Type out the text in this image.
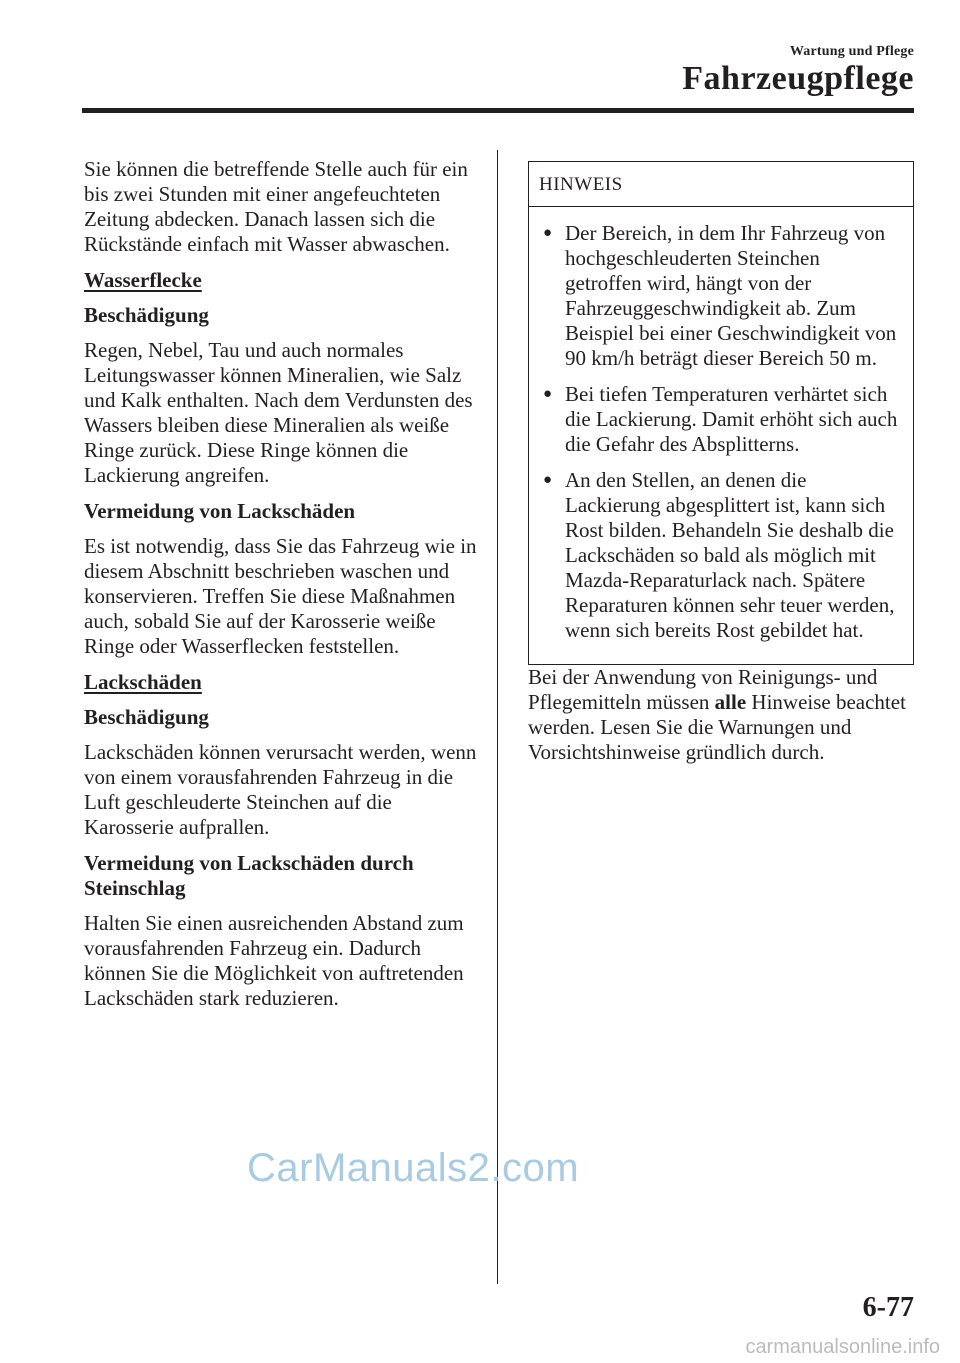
Wartung und Pflege
Fahrzeugpflege

Sie können die betreffende Stelle auch für ein bis zwei Stunden mit einer angefeuchteten Zeitung abdecken. Danach lassen sich die Rückstände einfach mit Wasser abwaschen.

Wasserflecke
Beschädigung

Regen, Nebel, Tau und auch normales Leitungswasser können Mineralien, wie Salz und Kalk enthalten. Nach dem Verdunsten des Wassers bleiben diese Mineralien als weiße Ringe zurück. Diese Ringe können die Lackierung angreifen.

Vermeidung von Lackschäden

Es ist notwendig, dass Sie das Fahrzeug wie in diesem Abschnitt beschrieben waschen und konservieren. Treffen Sie diese Maßnahmen auch, sobald Sie auf der Karosserie weiße Ringe oder Wasserflecken feststellen.

Lackschäden
Beschädigung

Lackschäden können verursacht werden, wenn von einem vorausfahrenden Fahrzeug in die Luft geschleuderte Steinchen auf die Karosserie aufprallen.

Vermeidung von Lackschäden durch Steinschlag

Halten Sie einen ausreichenden Abstand zum vorausfahrenden Fahrzeug ein. Dadurch können Sie die Möglichkeit von auftretenden Lackschäden stark reduzieren.

HINWEIS
● Der Bereich, in dem Ihr Fahrzeug von hochgeschleuderten Steinchen getroffen wird, hängt von der Fahrzeuggeschwindigkeit ab. Zum Beispiel bei einer Geschwindigkeit von 90 km/h beträgt dieser Bereich 50 m.
● Bei tiefen Temperaturen verhärtet sich die Lackierung. Damit erhöht sich auch die Gefahr des Absplitterns.
● An den Stellen, an denen die Lackierung abgesplittert ist, kann sich Rost bilden. Behandeln Sie deshalb die Lackschäden so bald als möglich mit Mazda-Reparaturlack nach. Spätere Reparaturen können sehr teuer werden, wenn sich bereits Rost gebildet hat.

Bei der Anwendung von Reinigungs- und Pflegemitteln müssen alle Hinweise beachtet werden. Lesen Sie die Warnungen und Vorsichtshinweise gründlich durch.

CarManuals2.com
6-77
carmanualsonline.info
